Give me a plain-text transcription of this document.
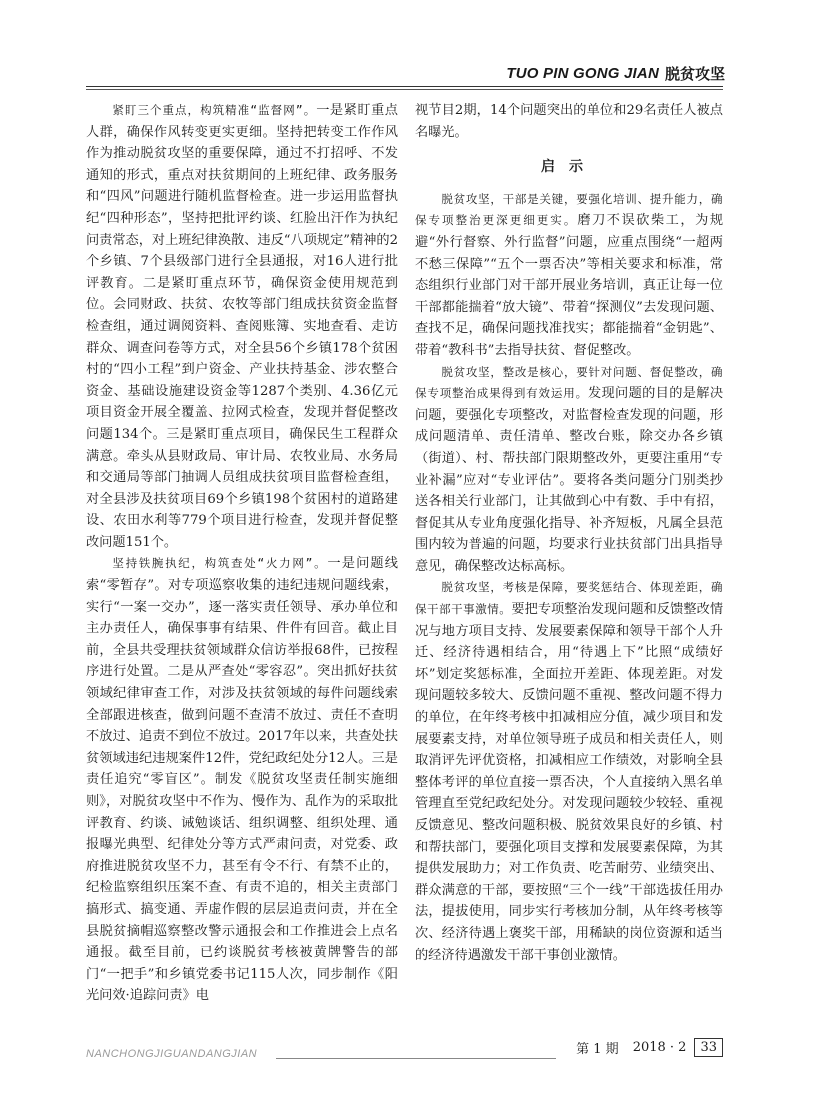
TUO PIN GONG JIAN 脱贫攻坚

紧盯三个重点，构筑精准“监督网”。一是紧盯重点人群，确保作风转变更实更细。坚持把转变工作作风作为推动脱贫攻坚的重要保障，通过不打招呼、不发通知的形式，重点对扶贫期间的上班纪律、政务服务和“四风”问题进行随机监督检查。进一步运用监督执纪“四种形态”，坚持把批评约谈、红脸出汗作为执纪问责常态，对上班纪律涣散、违反“八项规定”精神的2个乡镇、7个县级部门进行全县通报，对16人进行批评教育。二是紧盯重点环节，确保资金使用规范到位。会同财政、扶贫、农牧等部门组成扶贫资金监督检查组，通过调阅资料、查阅账簿、实地查看、走访群众、调查问卷等方式，对全县56个乡镇178个贫困村的“四小工程”到户资金、产业扶持基金、涉农整合资金、基础设施建设资金等1287个类别、4.36亿元项目资金开展全覆盖、拉网式检查，发现并督促整改问题134个。三是紧盯重点项目，确保民生工程群众满意。牵头从县财政局、审计局、农牧业局、水务局和交通局等部门抽调人员组成扶贫项目监督检查组，对全县涉及扶贫项目69个乡镇198个贫困村的道路建设、农田水利等779个项目进行检查，发现并督促整改问题151个。

坚持铁腕执纪，构筑查处“火力网”。一是问题线索“零暂存”。对专项巡察收集的违纪违规问题线索，实行“一案一交办”，逐一落实责任领导、承办单位和主办责任人，确保事事有结果、件件有回音。截止目前，全县共受理扶贫领域群众信访举报68件，已按程序进行处置。二是从严查处“零容忍”。突出抓好扶贫领域纪律审查工作，对涉及扶贫领域的每件问题线索全部跟进核查，做到问题不查清不放过、责任不查明不放过、追责不到位不放过。2017年以来，共查处扶贫领域违纪违规案件12件，党纪政纪处分12人。三是责任追究“零盲区”。制发《脱贫攻坚责任制实施细则》，对脱贫攻坚中不作为、慢作为、乱作为的采取批评教育、约谈、诫勉谈话、组织调整、组织处理、通报曝光典型、纪律处分等方式严肃问责，对党委、政府推进脱贫攻坚不力，甚至有令不行、有禁不止的，纪检监察组织压案不查、有责不追的，相关主责部门搞形式、搞变通、弄虚作假的层层追责问责，并在全县脱贫摘帽巡察整改警示通报会和工作推进会上点名通报。截至目前，已约谈脱贫考核被黄牌警告的部门“一把手”和乡镇党委书记115人次，同步制作《阳光问效·追踪问责》电

视节目2期，14个问题突出的单位和29名责任人被点名曝光。

启示

脱贫攻坚，干部是关键，要强化培训、提升能力，确保专项整治更深更细更实。磨刀不误砍柴工，为规避“外行督察、外行监督”问题，应重点围绕“一超两不愁三保障”“五个一票否决”等相关要求和标准，常态组织行业部门对干部开展业务培训，真正让每一位干部都能揣着“放大镜”、带着“探测仪”去发现问题、查找不足，确保问题找准找实；都能揣着“金钥匙”、带着“教科书”去指导扶贫、督促整改。

脱贫攻坚，整改是核心，要针对问题、督促整改，确保专项整治成果得到有效运用。发现问题的目的是解决问题，要强化专项整改，对监督检查发现的问题，形成问题清单、责任清单、整改台账，除交办各乡镇（街道）、村、帮扶部门限期整改外，更要注重用“专业补漏”应对“专业评估”。要将各类问题分门别类抄送各相关行业部门，让其做到心中有数、手中有招，督促其从专业角度强化指导、补齐短板，凡属全县范围内较为普遍的问题，均要求行业扶贫部门出具指导意见，确保整改达标高标。

脱贫攻坚，考核是保障，要奖惩结合、体现差距，确保干部干事激情。要把专项整治发现问题和反馈整改情况与地方项目支持、发展要素保障和领导干部个人升迁、经济待遇相结合，用“待遇上下”比照“成绩好坏”划定奖惩标准，全面拉开差距、体现差距。对发现问题较多较大、反馈问题不重视、整改问题不得力的单位，在年终考核中扣减相应分值，减少项目和发展要素支持，对单位领导班子成员和相关责任人，则取消评先评优资格，扣减相应工作绩效，对影响全县整体考评的单位直接一票否决，个人直接纳入黑名单管理直至党纪政纪处分。对发现问题较少较轻、重视反馈意见、整改问题积极、脱贫效果良好的乡镇、村和帮扶部门，要强化项目支撑和发展要素保障，为其提供发展助力；对工作负责、吃苦耐劳、业绩突出、群众满意的干部，要按照“三个一线”干部选拔任用办法，提拔使用，同步实行考核加分制，从年终考核等次、经济待遇上褒奖干部，用稀缺的岗位资源和适当的经济待遇激发干部干事创业激情。

NANCHONGJIGUANDANGJIAN	第 1 期 2018 · 2	33
